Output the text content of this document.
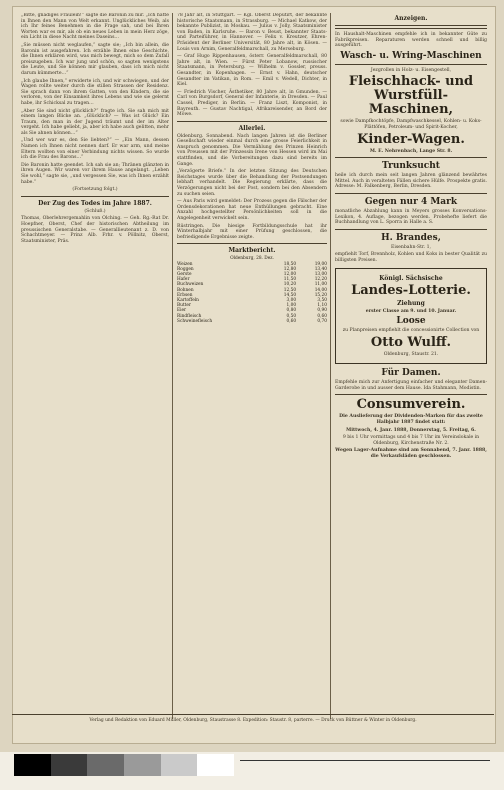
„Bitte, gnädiges Fräulein!“ sagte die Baronin zu mir. „Ich hatte in Ihnen den Mann von Welt erkannt. Unglückliches Weib, als ich Ihr feines Benehmen in die Frage sah, und bei Ihren Worten war es mir, als ob ein neues Leben in mein Herz zöge, ein Licht in diese Nacht meines Daseins…

„Sie müssen nicht weglaufen,“ sagte sie; „Ich bin allein, die Baronin ist ausgefahren. Ich erzähle Ihnen eine Geschichte, die Ihnen erklären wird, was mich bewegt, mich so dem Zufall preiszugeben. Ich war jung und schön, so sagten wenigstens die Leute, und Sie können mir glauben, dass ich mich nicht darum kümmerte…“

„Ich glaube Ihnen,“ erwiderte ich, und wir schwiegen, und der Wagen rollte weiter durch die stillen Strassen der Residenz. Sie sprach dann von ihrem Gatten, von den Kindern, die sie verloren, von der Einsamkeit ihres Lebens und wie sie gelernt habe, ihr Schicksal zu tragen…

„Aber Sie sind nicht glücklich?“ fragte ich. Sie sah mich mit einem langen Blicke an. „Glücklich? — Was ist Glück? Ein Traum, den man in der Jugend träumt und der im Alter vergeht. Ich habe geliebt, ja, aber ich habe auch gelitten, mehr als Sie ahnen können…“

„Und wer war es, den Sie liebten?“ — „Ein Mann, dessen Namen ich Ihnen nicht nennen darf. Er war arm, und meine Eltern wollten von einer Verbindung nichts wissen. So wurde ich die Frau des Barons…“

Die Baronin hatte geendet. Ich sah sie an; Thränen glänzten in ihren Augen. Wir waren vor ihrem Hause angelangt. „Leben Sie wohl,“ sagte sie, „und vergessen Sie, was ich Ihnen erzählt habe.“

(Fortsetzung folgt.)

Der Zug des Todes im Jahre 1887.

(Schluß.)

Thomas, Oberlehrergemahlin von Olching. — Geh. Rg.-Rat Dr. Hoepfner, Oberst, Chef der historischen Abtheilung im preussischen Generalstabe. — Generallieutenant z. D. von Schachtmeyer. — Prinz Alb. Frhr. v. Pöllnitz, Oberst, Staatsminister, Präs.

78 Jahr alt, in Stuttgart. — Kgl. Oberst Deputirt, der bekannte historische Staatsmann, in Strassburg. — Michael Katkow, der bekannte Publizist, in Moskau. — Julius v. Jolly, Staatsminister von Baden, in Karlsruhe. — Baron v. Beust, bekannter Staats- und Parteiführer, in Hannover. — Felix v. Kreutzer, Ehren-Präsident der Berliner Universität, 80 Jahre alt, in Kösen. — Louis von Arnim, Generalfeldmarschall, zu Merseburg.

— Graf Hugo Rippenhausen, österr. Generalfeldmarschall, 80 Jahre alt, in Wien. — Fürst Peter Lobanow, russischer Staatsmann, in Petersburg. — Wilhelm v. Gossler, preuss. Gesandter, in Kopenhagen. — Ernst v. Hahn, deutscher Gesandter im Vatikan, in Rom. — Emil v. Wedell, Dichter, in Kiel.

— Friedrich Vischer, Ästhetiker, 80 Jahre alt, in Gmunden. — Carl von Burgsdorf, General der Infanterie, in Dresden. — Paul Cassel, Prediger, in Berlin. — Franz Liszt, Komponist, in Bayreuth. — Gustav Nachtigal, Afrikareisender, an Bord der Möwe.

Allerlei.

Oldenburg. Sonnabend. Nach langen Jahren ist die Berliner Gesellschaft wieder einmal durch eine grosse Feierlichkeit in Anspruch genommen. Die Vermählung des Prinzen Heinrich von Preussen mit der Prinzessin Irene von Hessen wird im Mai stattfinden, und die Vorbereitungen dazu sind bereits im Gange.

„Verzögerte Briefe.“ In der letzten Sitzung des Deutschen Reichstages wurde über die Behandlung der Postsendungen lebhaft verhandelt. Die Regierung erklärte, dass die Verzögerungen nicht bei der Post, sondern bei den Absendern zu suchen seien.

— Aus Paris wird gemeldet: Der Prozess gegen die Fälscher der Ordensdekorationen hat neue Enthüllungen gebracht. Eine Anzahl hochgestellter Persönlichkeiten soll in die Angelegenheit verwickelt sein.

Rüstringen. Die hiesige Fortbildungsschule hat ihr Winterhalbjahr mit einer Prüfung geschlossen, die befriedigende Ergebnisse zeigte.

Marktbericht.
Oldenburg, 28. Dez.
Weizen	18,50	19,00
Roggen	12,80	13,40
Gerste	12,00	13,00
Hafer	11,50	12,20
Buchweizen	10,20	11,00
Bohnen	12,50	14,00
Erbsen	14,50	15,20
Kartoffeln	3,00	3,50
Butter	1,00	1,10
Eier	0,80	0,90
Rindfleisch	0,50	0,60
Schweinefleisch	0,60	0,70
Anzeigen.

In Haushalt-Maschinen empfehle ich in bekannter Güte zu Fabrikpreisen. Reparaturen werden schnell und billig ausgeführt.

Wasch- u. Wring-Maschinen

Jezgrollen in Holz- u. Eisengestell,

Fleischhack- und Wurstfüll-Maschinen,

sowie Dampfkochtöpfe, Dampfwaschkessel, Kohlen- u. Koks-Plättöfen, Petroleum- und Spirit-Kocher,

Kinder-Wagen.

M. E. Nehrenbach, Lange Str. 8.

Trunksucht

heile ich durch mein seit langen Jahren glänzend bewährtes Mittel. Auch in veralteten Fällen sichere Hülfe. Prospekte gratis. Adresse: M. Falkenberg, Berlin, Dresden.

Gegen nur 4 Mark

monatliche Abzahlung kann in Meyers grosses Konversations-Lexikon, 4. Auflage, bezogen werden. Probehefte liefert die Buchhandlung von L. Sporra in Halle a. S.

H. Brandes,

Eisenbahn-Str. 1,

empfiehlt Torf, Brennholz, Kohlen und Koks in bester Qualität zu billigsten Preisen.

Königl. Sächsische
Landes-Lotterie.
Ziehung

erster Classe am 9. und 10. Januar.

Loose

zu Planpreisen empfiehlt die concessionirte Collection von

Otto Wulff.

Oldenburg, Staustr. 21.

Für Damen.

Empfehle mich zur Anfertigung einfacher und eleganter Damen-Garderobe in und ausser dem Hause. Ida Stahmann, Modistin.

Consumverein.

Die Auslieferung der Dividenden-Marken für das zweite Halbjahr 1887 findet statt:

Mittwoch, 4. Janr. 1888, Donnerstag, 5. Freitag, 6.

9 bis 1 Uhr vormittags und 4 bis 7 Uhr im Vereinslokale in Oldenburg, Kirchenstraße Nr. 2.

Wegen Lager-Aufnahme sind am Sonnabend, 7. Janr. 1888, die Verkaufsläden geschlossen.

Verlag und Redaktion von Eduard Müller, Oldenburg, Staustrasse 8. Expedition: Staustr. 8, parterre. — Druck von Büttner & Winter in Oldenburg.
